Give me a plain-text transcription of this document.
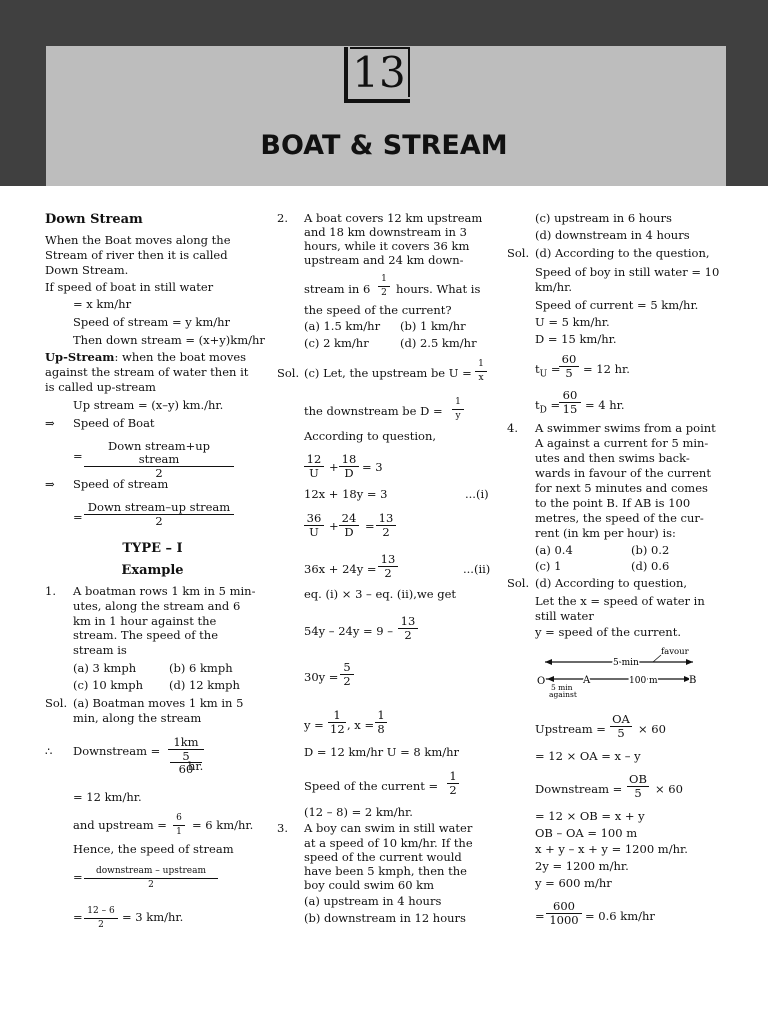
13
BOAT & STREAM
Down Stream
When the Boat moves along the
Stream of river then it is called
Down Stream.
If speed of boat in still water
= x km/hr
Speed of stream = y km/hr
Then down stream = (x+y)km/hr
Up-Stream: when the boat moves
against the stream of water then it
is called up-stream
Up stream = (x–y) km./hr.
⇒ Speed of Boat
=
Down stream+up stream
2
⇒ Speed of stream
=
Down stream–up stream
2
TYPE – I
Example
1. A boatman rows 1 km in 5 min-
utes, along the stream and 6
km in 1 hour against the
stream. The speed of the
stream is
(a) 3 kmph	(b) 6 kmph
(c) 10 kmph (d) 12 kmph
Sol. (a) Boatman moves 1 km in 5
min, along the stream
∴ Downstream = 1km
5
60
hr.
= 12 km/hr.
and upstream = $\frac{6}{1} = 6$ km/hr.
Hence, the speed of stream
=	downstream – upstream
2
= $\frac{12 - 6}{2} = 3$ km/hr.
2. A boat covers 12 km upstream
and 18 km downstream in 3
hours, while it covers 36 km
upstream and 24 km down-
stream in $6 \frac{1}{2}$ hours. What is
the speed of the current?
(a) 1.5 km/hr (b) 1 km/hr
(c) 2 km/hr	(d) 2.5 km/hr
Sol. (c) Let, the upstream be $U = \frac{1}{x}$
the downstream be $D = \frac{1}{y}$
According to question,
$\frac{12}{U} + \frac{18}{D} = 3$
12x + 18y = 3	...(i)
$\frac{36}{U} + \frac{24}{D} = \frac{13}{2}$
$36x + 24y = \frac{13}{2}$	...(ii)
eq. (i) × 3 – eq. (ii),we get
$54y - 24y = 9 - \frac{13}{2}$
$30y = \frac{5}{2}$
$y = \frac{1}{12}$ , $x = \frac{1}{8}$
D = 12 km/hr U = 8 km/hr
Speed of the current = $\frac{1}{2}$
(12 – 8) = 2 km/hr.
3. A boy can swim in still water
at a speed of 10 km/hr. If the
speed of the current would
have been 5 kmph, then the
boy could swim 60 km
(a) upstream in 4 hours
(b) downstream in 12 hours
(c) upstream in 6 hours
(d) downstream in 4 hours
Sol. (d) According to the question,
Speed of boy in still water = 10
km/hr.
Speed of current = 5 km/hr.
U = 5 km/hr.
D = 15 km/hr.
$t_U$ =
$\frac{60}{5} = 12$ hr.
$t_D$ =
$\frac{60}{15} = 4$ hr.
4. A swimmer swims from a point
A against a current for 5 min-
utes and then swims back-
wards in favour of the current
for next 5 minutes and comes
to the point B. If AB is 100
metres, the speed of the cur-
rent (in km per hour) is:
(a) 0.4	(b) 0.2
(c) 1	(d) 0.6
Sol. (d) According to question,
Let the x = speed of water in
still water
y = speed of the current.
favour
5 min
O	A	B
100 m
5 min
against
Upstream = $\frac{OA}{5} \times 60$
= 12 × OA = x – y
Downstream = $\frac{OB}{5} \times 60$
= 12 × OB = x + y
OB – OA = 100 m
x + y – x + y = 1200 m/hr.
2y = 1200 m/hr.
y = 600 m/hr
= $\frac{600}{1000} = 0.6$ km/hr
